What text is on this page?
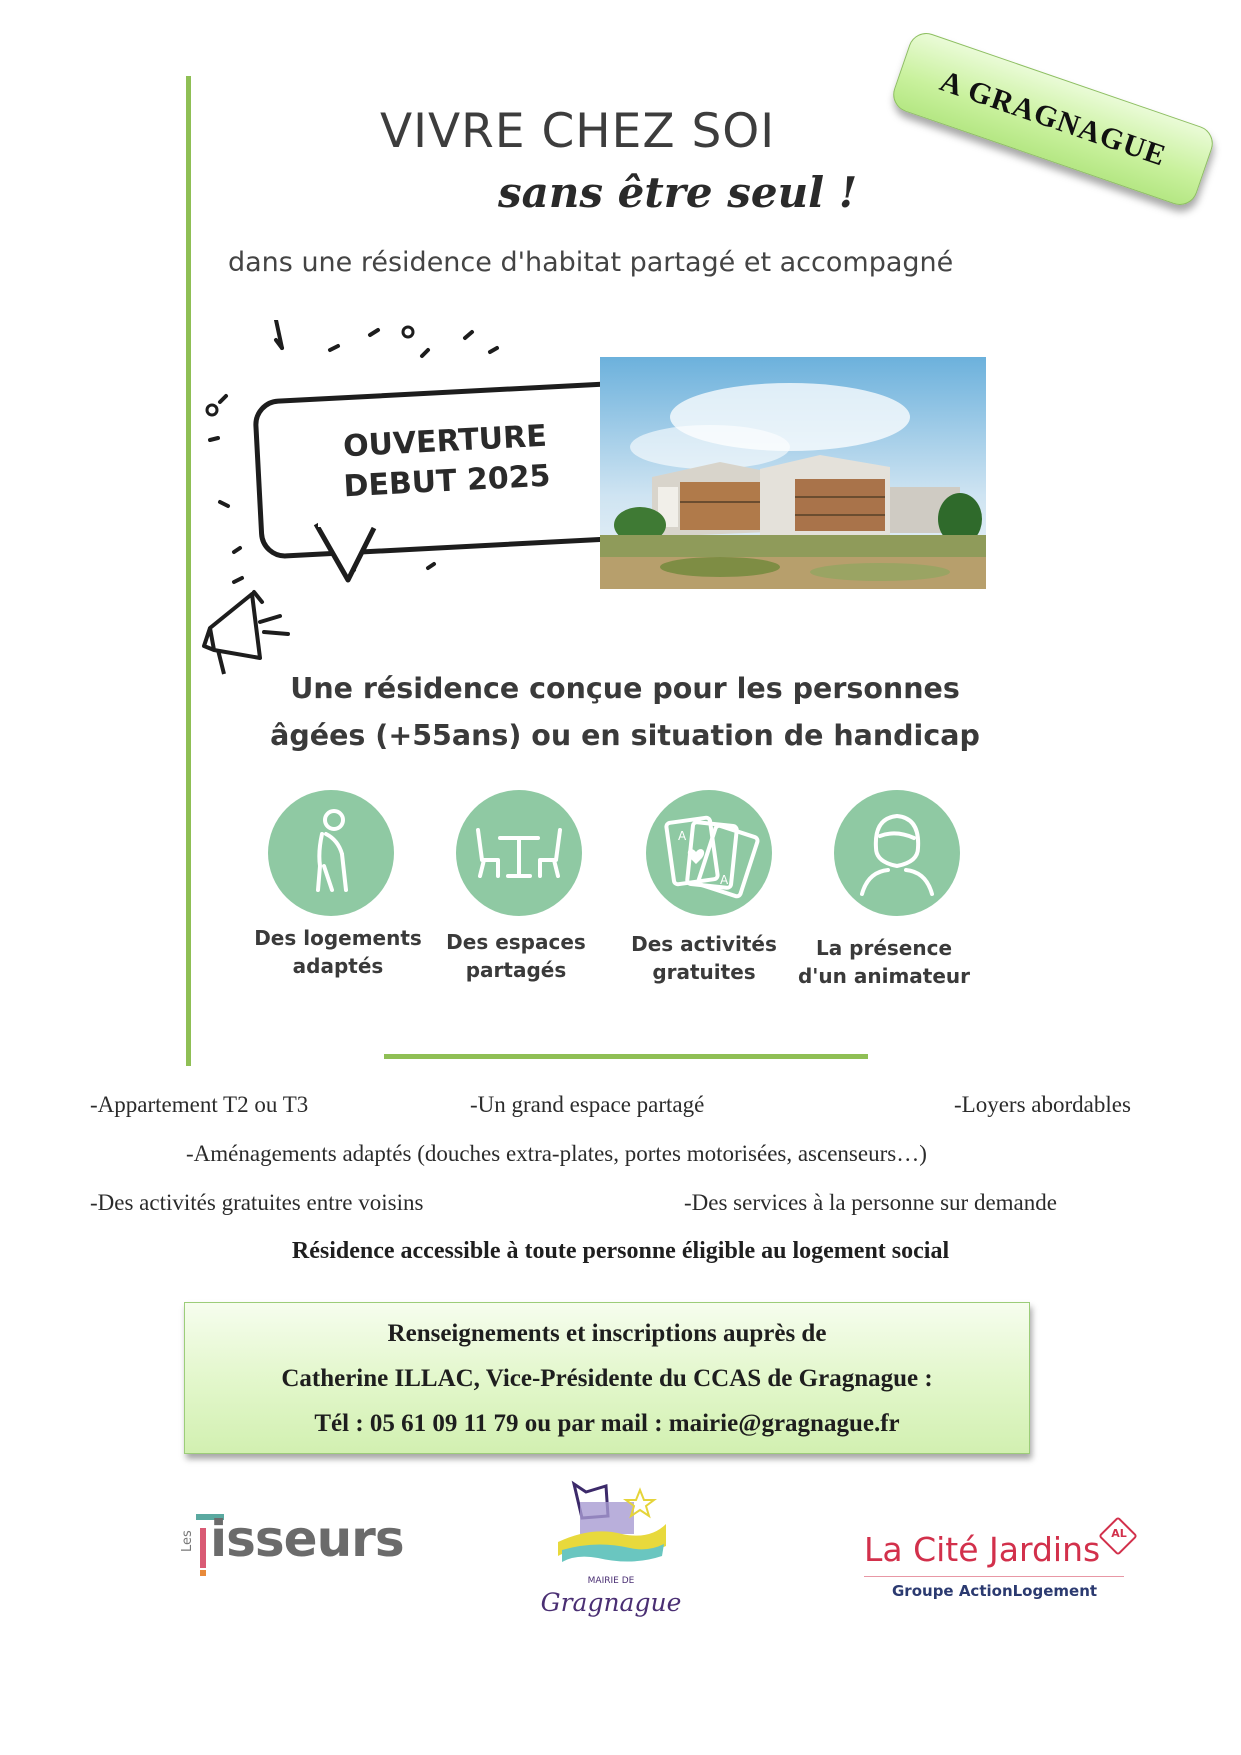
A GRAGNAGUE
VIVRE CHEZ SOI
sans être seul !
dans une résidence d'habitat partagé et accompagné
OUVERTURE
DEBUT 2025
Une résidence conçue pour les personnes
âgées (+55ans) ou en situation de handicap
A
A
Des logements
adaptés
Des espaces
partagés
Des activités
gratuites
La présence
d'un animateur
-Appartement T2 ou T3	-Un grand espace partagé	-Loyers abordables
-Aménagements adaptés (douches extra-plates, portes motorisées, ascenseurs…)
-Des activités gratuites entre voisins	-Des services à la personne sur demande
Résidence accessible à toute personne éligible au logement social
Renseignements et inscriptions auprès de
Catherine ILLAC, Vice-Présidente du CCAS de Gragnague :
Tél : 05 61 09 11 79 ou par mail : mairie@gragnague.fr
Les isseurs
MAIRIE DE
Gragnague
La Cité Jardins	AL
Groupe ActionLogement
